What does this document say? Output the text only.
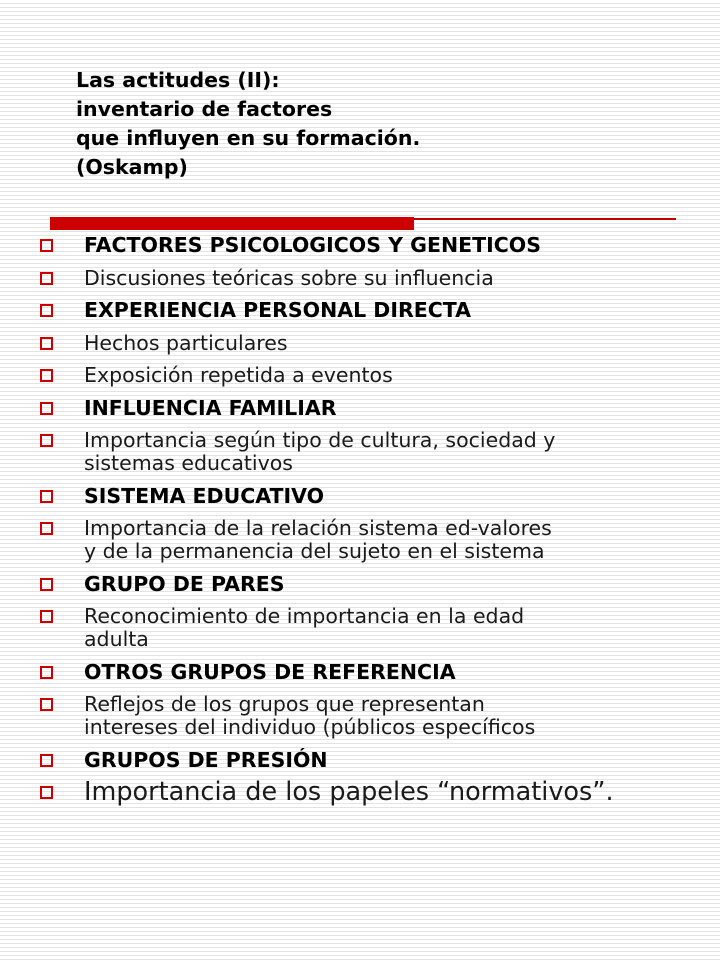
Las actitudes (II):
inventario de factores
que influyen en su formación.
(Oskamp)
FACTORES PSICOLOGICOS Y GENETICOS
Discusiones teóricas sobre su influencia
EXPERIENCIA PERSONAL DIRECTA
Hechos particulares
Exposición repetida a eventos
INFLUENCIA FAMILIAR
Importancia según tipo de cultura, sociedad y
sistemas educativos
SISTEMA EDUCATIVO
Importancia de la relación sistema ed-valores
y de la permanencia del sujeto en el sistema
GRUPO DE PARES
Reconocimiento de importancia en la edad
adulta
OTROS GRUPOS DE REFERENCIA
Reflejos de los grupos que representan
intereses del individuo (públicos específicos
GRUPOS DE PRESIÓN
Importancia de los papeles “normativos”.
